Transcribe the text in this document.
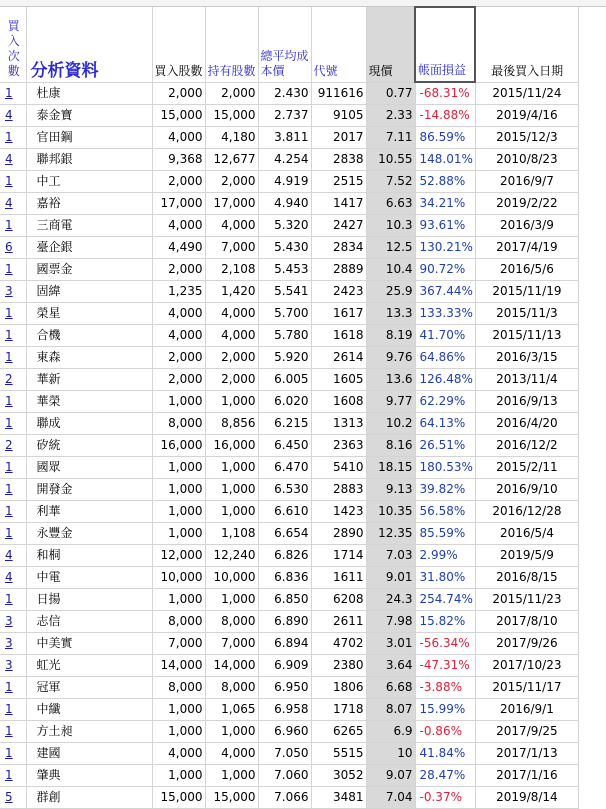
買
入
次
數	分析資料	買入股數	持有股數	總平均成本價	代號	現價	帳面損益	最後買入日期
1	杜康	2,000	2,000	2.430	911616	0.77	-68.31%	2015/11/24
4	泰金寶	15,000	15,000	2.737	9105	2.33	-14.88%	2019/4/16
1	官田鋼	4,000	4,180	3.811	2017	7.11	86.59%	2015/12/3
4	聯邦銀	9,368	12,677	4.254	2838	10.55	148.01%	2010/8/23
1	中工	2,000	2,000	4.919	2515	7.52	52.88%	2016/9/7
4	嘉裕	17,000	17,000	4.940	1417	6.63	34.21%	2019/2/22
1	三商電	4,000	4,000	5.320	2427	10.3	93.61%	2016/3/9
6	臺企銀	4,490	7,000	5.430	2834	12.5	130.21%	2017/4/19
1	國票金	2,000	2,108	5.453	2889	10.4	90.72%	2016/5/6
3	固緯	1,235	1,420	5.541	2423	25.9	367.44%	2015/11/19
1	榮星	4,000	4,000	5.700	1617	13.3	133.33%	2015/11/3
1	合機	4,000	4,000	5.780	1618	8.19	41.70%	2015/11/13
1	東森	2,000	2,000	5.920	2614	9.76	64.86%	2016/3/15
2	華新	2,000	2,000	6.005	1605	13.6	126.48%	2013/11/4
1	華榮	1,000	1,000	6.020	1608	9.77	62.29%	2016/9/13
1	聯成	8,000	8,856	6.215	1313	10.2	64.13%	2016/4/20
2	矽統	16,000	16,000	6.450	2363	8.16	26.51%	2016/12/2
1	國眾	1,000	1,000	6.470	5410	18.15	180.53%	2015/2/11
1	開發金	1,000	1,000	6.530	2883	9.13	39.82%	2016/9/10
1	利華	1,000	1,000	6.610	1423	10.35	56.58%	2016/12/28
1	永豐金	1,000	1,108	6.654	2890	12.35	85.59%	2016/5/4
4	和桐	12,000	12,240	6.826	1714	7.03	2.99%	2019/5/9
4	中電	10,000	10,000	6.836	1611	9.01	31.80%	2016/8/15
1	日揚	1,000	1,000	6.850	6208	24.3	254.74%	2015/11/23
3	志信	8,000	8,000	6.890	2611	7.98	15.82%	2017/8/10
3	中美實	7,000	7,000	6.894	4702	3.01	-56.34%	2017/9/26
3	虹光	14,000	14,000	6.909	2380	3.64	-47.31%	2017/10/23
1	冠軍	8,000	8,000	6.950	1806	6.68	-3.88%	2015/11/17
1	中纖	1,000	1,065	6.958	1718	8.07	15.99%	2016/9/1
1	方土昶	1,000	1,000	6.960	6265	6.9	-0.86%	2017/9/25
1	建國	4,000	4,000	7.050	5515	10	41.84%	2017/1/13
1	肇典	1,000	1,000	7.060	3052	9.07	28.47%	2017/1/16
5	群創	15,000	15,000	7.066	3481	7.04	-0.37%	2019/8/14
